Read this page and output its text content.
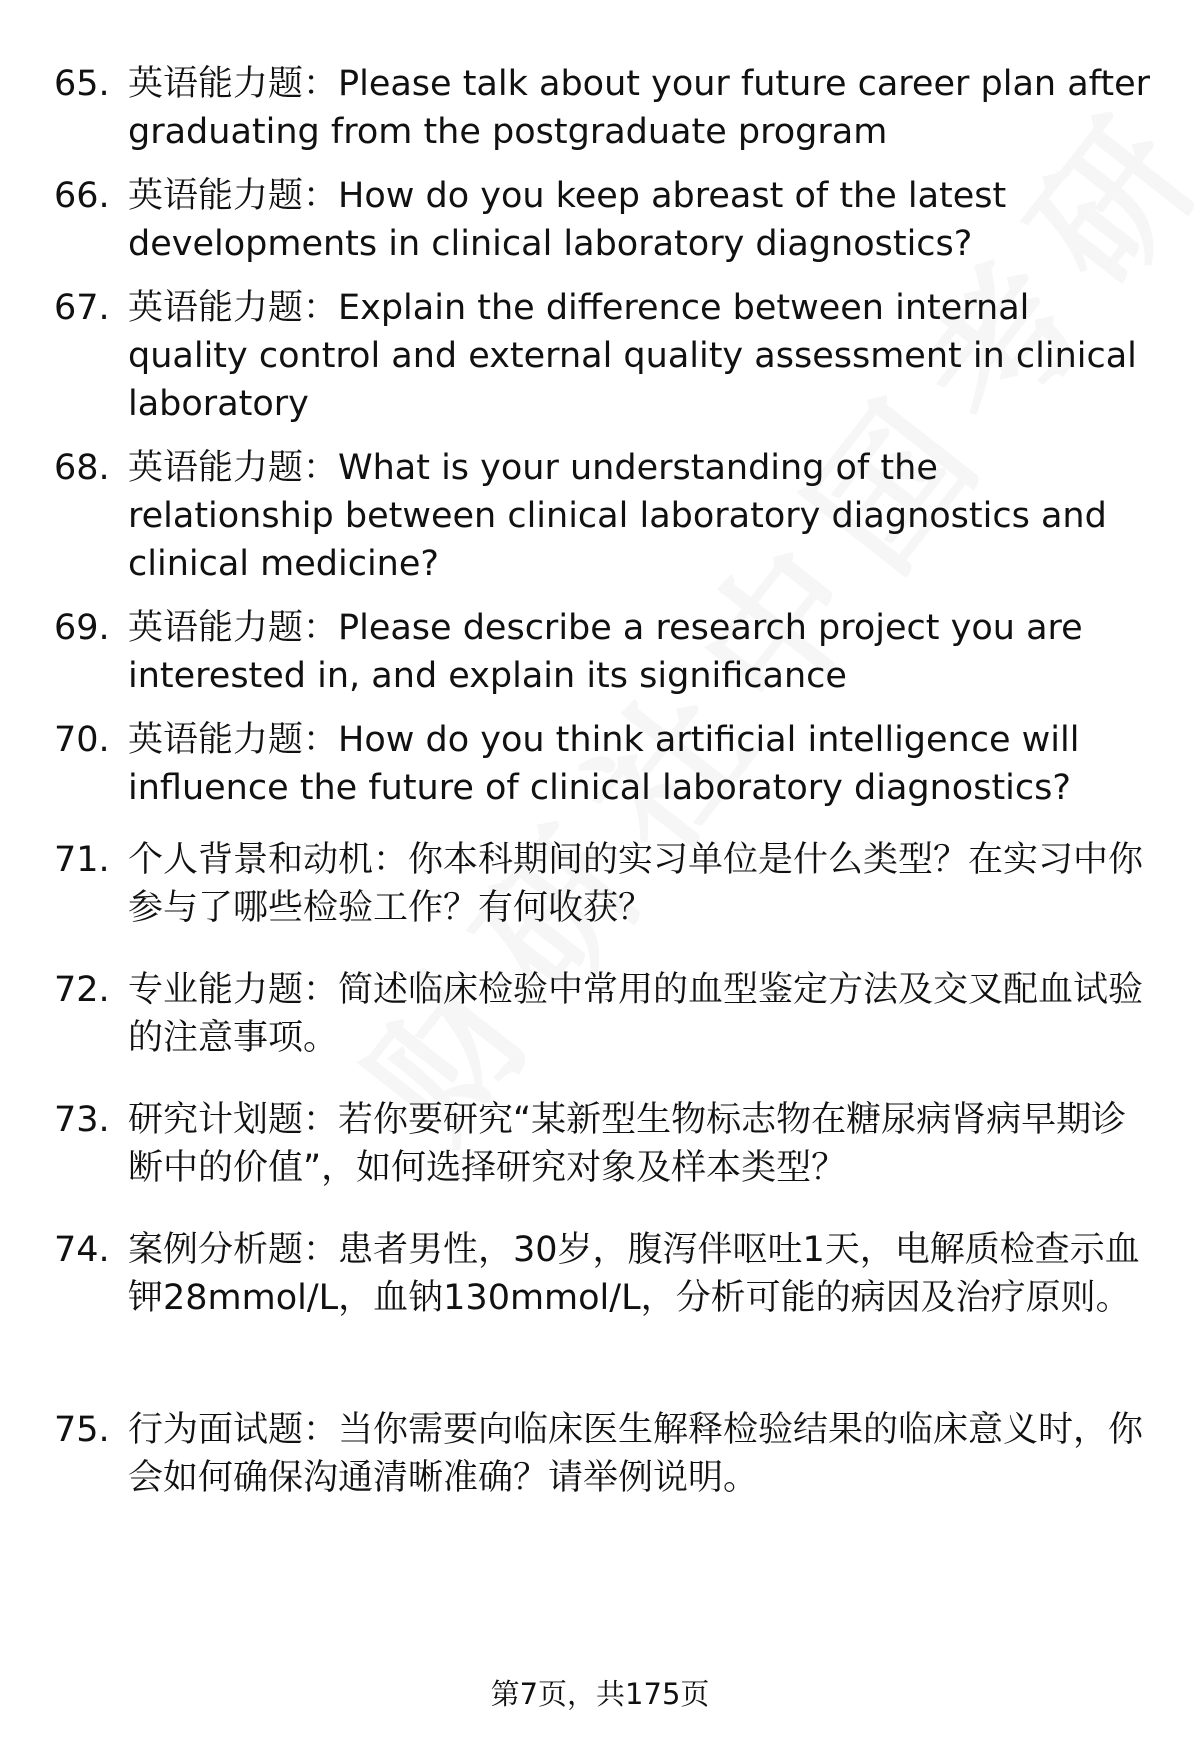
65. 英语能力题：Please talk about your future career plan after graduating from the postgraduate program
66. 英语能力题：How do you keep abreast of the latest developments in clinical laboratory diagnostics?
67. 英语能力题：Explain the difference between internal quality control and external quality assessment in clinical laboratory
68. 英语能力题：What is your understanding of the relationship between clinical laboratory diagnostics and clinical medicine?
69. 英语能力题：Please describe a research project you are interested in, and explain its significance
70. 英语能力题：How do you think artificial intelligence will influence the future of clinical laboratory diagnostics?
71. 个人背景和动机：你本科期间的实习单位是什么类型？在实习中你参与了哪些检验工作？有何收获？
72. 专业能力题：简述临床检验中常用的血型鉴定方法及交叉配血试验的注意事项。
73. 研究计划题：若你要研究“某新型生物标志物在糖尿病肾病早期诊断中的价值”，如何选择研究对象及样本类型？
74. 案例分析题：患者男性，30岁，腹泻伴呕吐1天，电解质检查示血钾28mmol/L，血钠130mmol/L，分析可能的病因及治疗原则。
75. 行为面试题：当你需要向临床医生解释检验结果的临床意义时，你会如何确保沟通清晰准确？请举例说明。
第7页，共175页
